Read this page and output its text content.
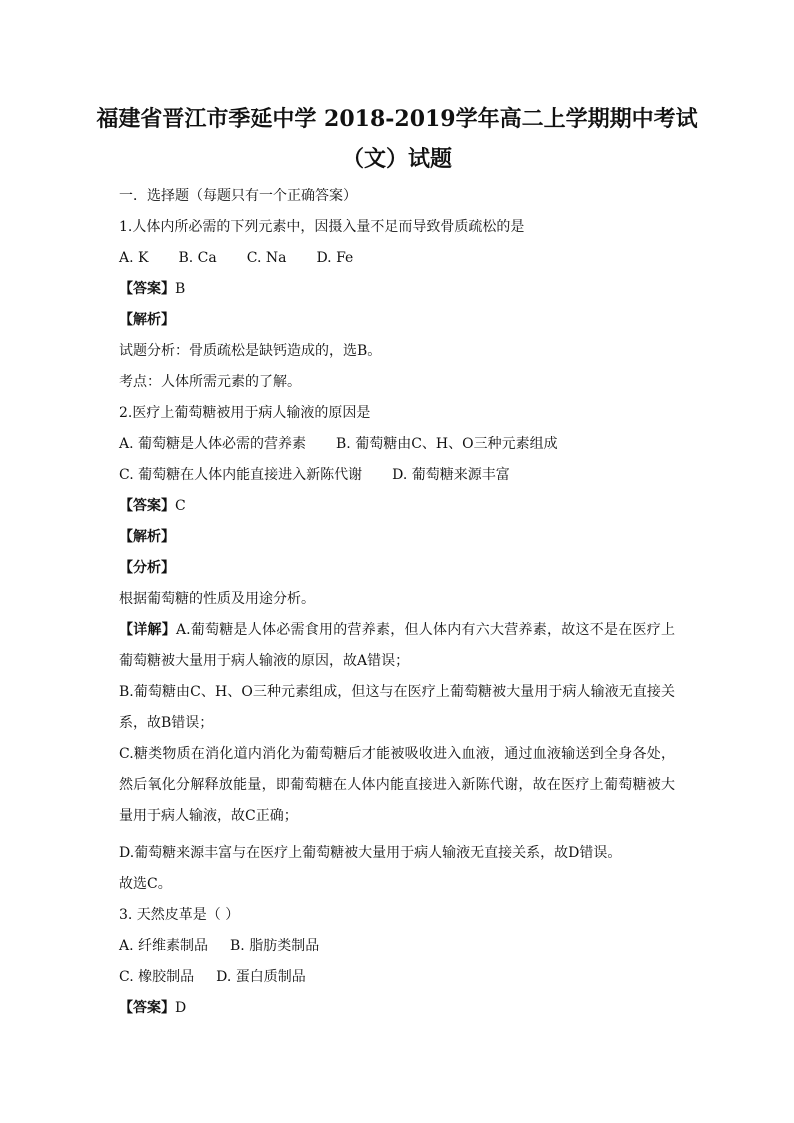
福建省晋江市季延中学 2018-2019学年高二上学期期中考试
（文）试题
一．选择题（每题只有一个正确答案）
1.人体内所必需的下列元素中，因摄入量不足而导致骨质疏松的是
A. K B. Ca C. Na D. Fe
【答案】B
【解析】
试题分析：骨质疏松是缺钙造成的，选B。
考点：人体所需元素的了解。
2.医疗上葡萄糖被用于病人输液的原因是
A. 葡萄糖是人体必需的营养素 B. 葡萄糖由C、H、O三种元素组成
C. 葡萄糖在人体内能直接进入新陈代谢 D. 葡萄糖来源丰富
【答案】C
【解析】
【分析】
根据葡萄糖的性质及用途分析。
【详解】A.葡萄糖是人体必需食用的营养素，但人体内有六大营养素，故这不是在医疗上葡萄糖被大量用于病人输液的原因，故A错误；
B.葡萄糖由C、H、O三种元素组成，但这与在医疗上葡萄糖被大量用于病人输液无直接关系，故B错误；
C.糖类物质在消化道内消化为葡萄糖后才能被吸收进入血液，通过血液输送到全身各处，然后氧化分解释放能量，即葡萄糖在人体内能直接进入新陈代谢，故在医疗上葡萄糖被大量用于病人输液，故C正确；
D.葡萄糖来源丰富与在医疗上葡萄糖被大量用于病人输液无直接关系，故D错误。
故选C。
3. 天然皮革是（ ）
A. 纤维素制品 B. 脂肪类制品
C. 橡胶制品 D. 蛋白质制品
【答案】D
